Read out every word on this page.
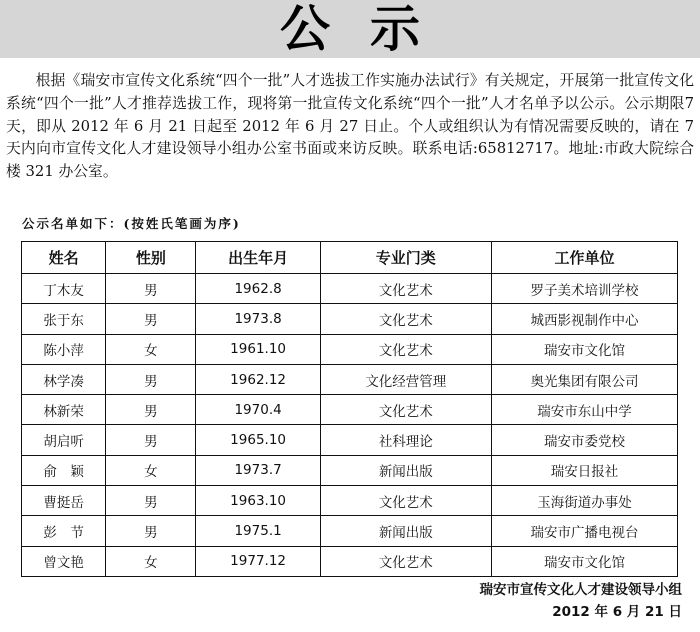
公示

根据《瑞安市宣传文化系统“四个一批”人才选拔工作实施办法试行》有关规定，开展第一批宣传文化系统“四个一批”人才推荐选拔工作，现将第一批宣传文化系统“四个一批”人才名单予以公示。公示期限7天，即从 2012 年 6 月 21 日起至 2012 年 6 月 27 日止。个人或组织认为有情况需要反映的，请在 7 天内向市宣传文化人才建设领导小组办公室书面或来访反映。联系电话:65812717。地址:市政大院综合楼 321 办公室。

公示名单如下：(按姓氏笔画为序)

姓名	性别	出生年月	专业门类	工作单位
丁木友	男	1962.8	文化艺术	罗子美术培训学校
张于东	男	1973.8	文化艺术	城西影视制作中心
陈小萍	女	1961.10	文化艺术	瑞安市文化馆
林学凑	男	1962.12	文化经营管理	奥光集团有限公司
林新荣	男	1970.4	文化艺术	瑞安市东山中学
胡启听	男	1965.10	社科理论	瑞安市委党校
俞　颖	女	1973.7	新闻出版	瑞安日报社
曹挺岳	男	1963.10	文化艺术	玉海街道办事处
彭　节	男	1975.1	新闻出版	瑞安市广播电视台
曾文艳	女	1977.12	文化艺术	瑞安市文化馆

瑞安市宣传文化人才建设领导小组

2012 年 6 月 21 日
